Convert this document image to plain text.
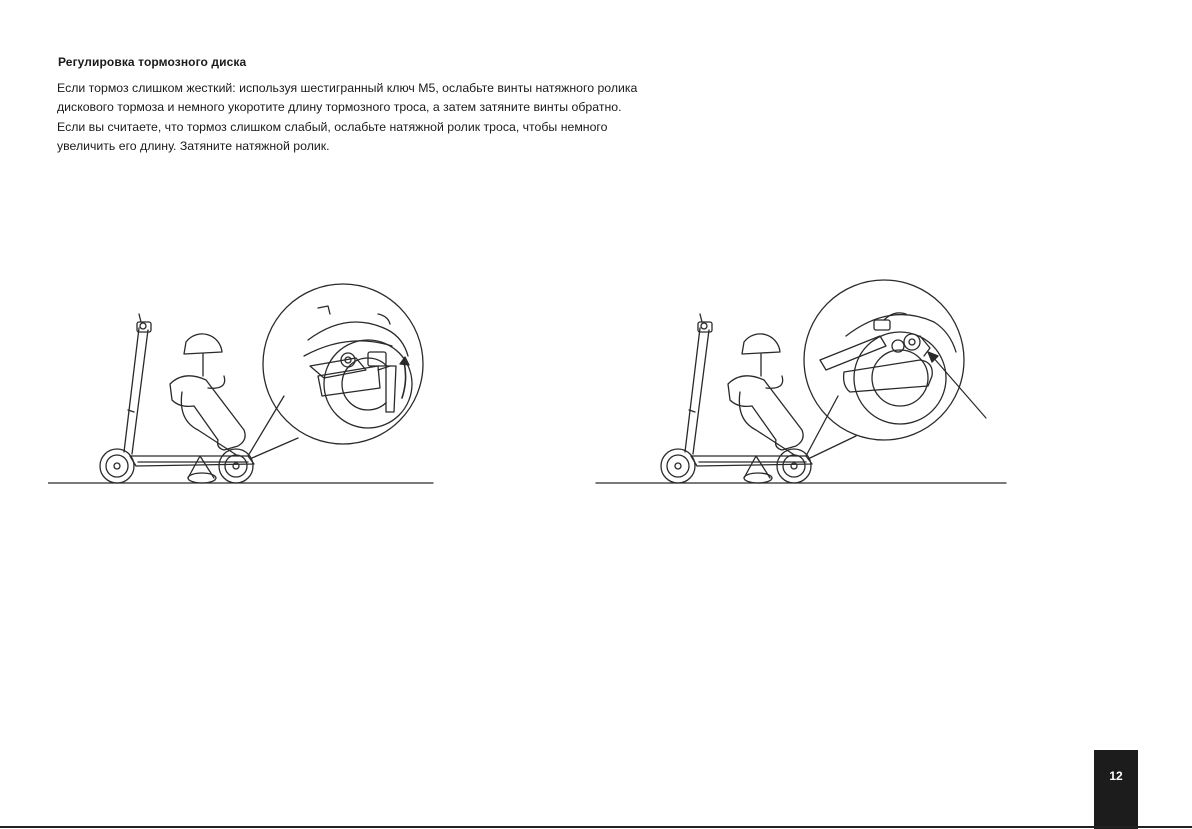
Регулировка тормозного диска
Если тормоз слишком жесткий: используя шестигранный ключ М5, ослабьте винты натяжного ролика
дискового тормоза и немного укоротите длину тормозного троса, а затем затяните винты обратно.
Если вы считаете, что тормоз слишком слабый, ослабьте натяжной ролик троса, чтобы немного
увеличить его длину. Затяните натяжной ролик.
12
